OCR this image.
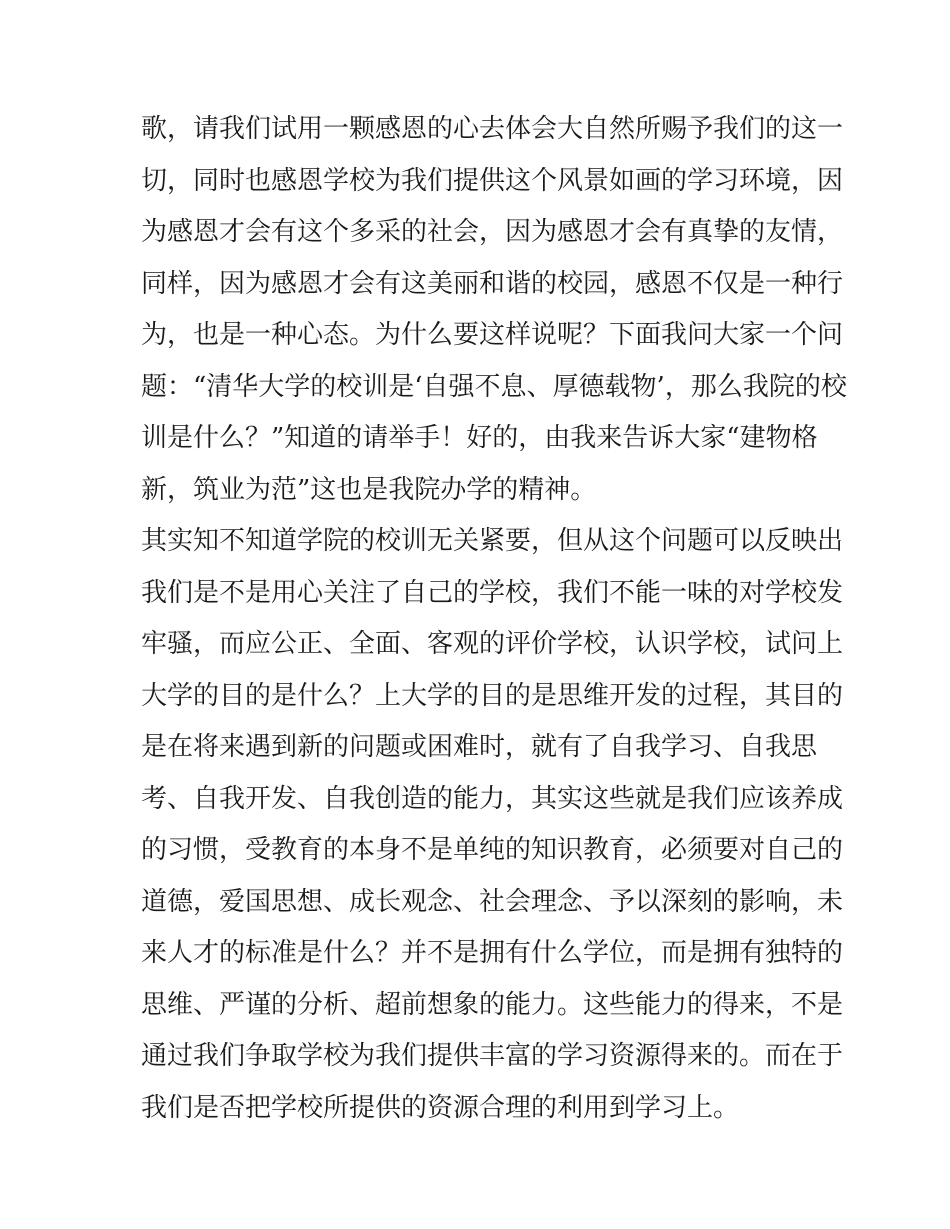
歌，请我们试用一颗感恩的心去体会大自然所赐予我们的这一
切，同时也感恩学校为我们提供这个风景如画的学习环境，因
为感恩才会有这个多采的社会，因为感恩才会有真挚的友情，
同样，因为感恩才会有这美丽和谐的校园，感恩不仅是一种行
为，也是一种心态。为什么要这样说呢？下面我问大家一个问
题：“清华大学的校训是‘自强不息、厚德载物’，那么我院的校
训是什么？”知道的请举手！好的，由我来告诉大家“建物格
新，筑业为范”这也是我院办学的精神。
其实知不知道学院的校训无关紧要，但从这个问题可以反映出
我们是不是用心关注了自己的学校，我们不能一味的对学校发
牢骚，而应公正、全面、客观的评价学校，认识学校，试问上
大学的目的是什么？上大学的目的是思维开发的过程，其目的
是在将来遇到新的问题或困难时，就有了自我学习、自我思
考、自我开发、自我创造的能力，其实这些就是我们应该养成
的习惯，受教育的本身不是单纯的知识教育，必须要对自己的
道德，爱国思想、成长观念、社会理念、予以深刻的影响，未
来人才的标准是什么？并不是拥有什么学位，而是拥有独特的
思维、严谨的分析、超前想象的能力。这些能力的得来，不是
通过我们争取学校为我们提供丰富的学习资源得来的。而在于
我们是否把学校所提供的资源合理的利用到学习上。
